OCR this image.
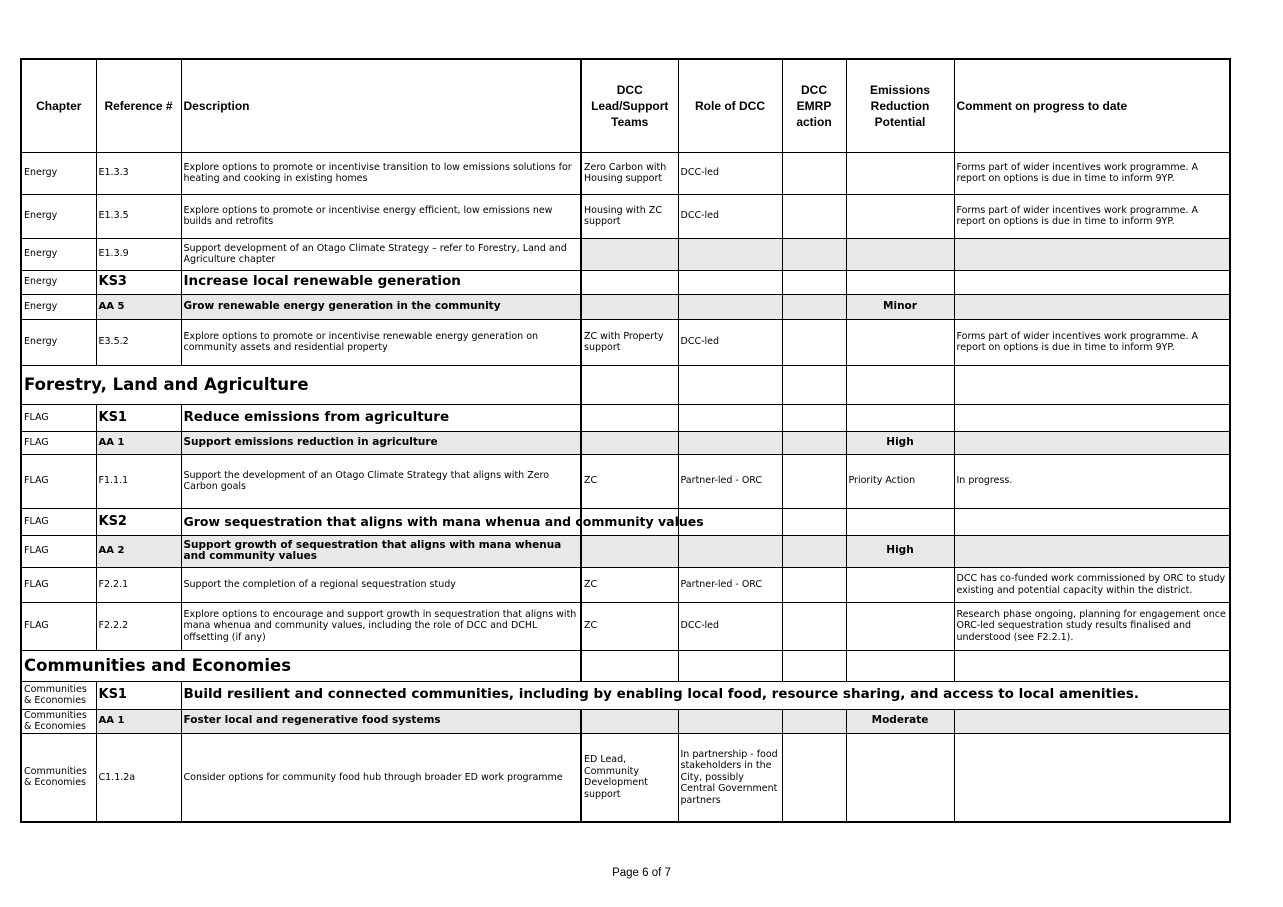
Chapter	Reference #	Description	DCC Lead/Support Teams	Role of DCC	DCC EMRP action	Emissions Reduction Potential	Comment on progress to date
Energy	E1.3.3	Explore options to promote or incentivise transition to low emissions solutions for heating and cooking in existing homes	Zero Carbon with Housing support	DCC-led			Forms part of wider incentives work programme. A report on options is due in time to inform 9YP.
Energy	E1.3.5	Explore options to promote or incentivise energy efficient, low emissions new builds and retrofits	Housing with ZC support	DCC-led			Forms part of wider incentives work programme. A report on options is due in time to inform 9YP.
Energy	E1.3.9	Support development of an Otago Climate Strategy – refer to Forestry, Land and Agriculture chapter					
Energy	KS3	Increase local renewable generation					
Energy	AA 5	Grow renewable energy generation in the community				Minor	
Energy	E3.5.2	Explore options to promote or incentivise renewable energy generation on community assets and residential property	ZC with Property support	DCC-led			Forms part of wider incentives work programme. A report on options is due in time to inform 9YP.
Forestry, Land and Agriculture							
FLAG	KS1	Reduce emissions from agriculture					
FLAG	AA 1	Support emissions reduction in agriculture				High	
FLAG	F1.1.1	Support the development of an Otago Climate Strategy that aligns with Zero Carbon goals	ZC	Partner-led - ORC		Priority Action	In progress.
FLAG	KS2	Grow sequestration that aligns with mana whenua and community values					
FLAG	AA 2	Support growth of sequestration that aligns with mana whenua and community values				High	
FLAG	F2.2.1	Support the completion of a regional sequestration study	ZC	Partner-led - ORC			DCC has co-funded work commissioned by ORC to study existing and potential capacity within the district.
FLAG	F2.2.2	Explore options to encourage and support growth in sequestration that aligns with mana whenua and community values, including the role of DCC and DCHL offsetting (if any)	ZC	DCC-led			Research phase ongoing, planning for engagement once ORC-led sequestration study results finalised and understood (see F2.2.1).
Communities and Economies							
Communities & Economies	KS1	Build resilient and connected communities, including by enabling local food, resource sharing, and access to local amenities.					
Communities & Economies	AA 1	Foster local and regenerative food systems				Moderate	
Communities & Economies	C1.1.2a	Consider options for community food hub through broader ED work programme	ED Lead, Community Development support	In partnership - food stakeholders in the City, possibly Central Government partners			
Page 6 of 7
